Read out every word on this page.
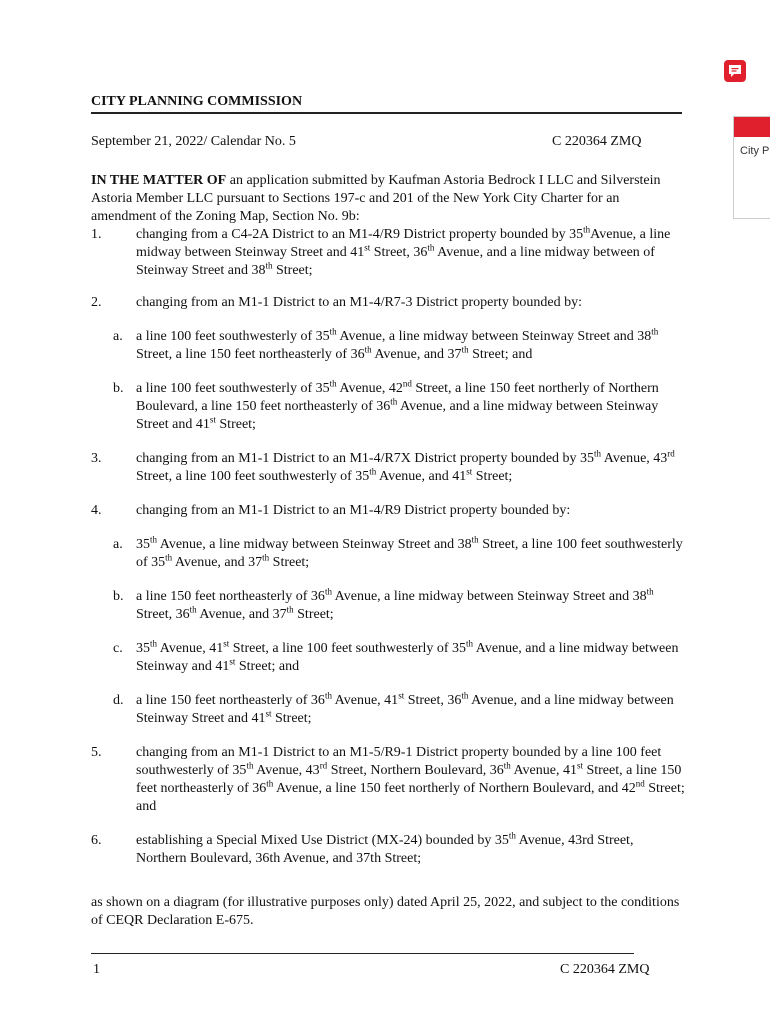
CITY PLANNING COMMISSION
September 21, 2022/ Calendar No. 5	C 220364 ZMQ

IN THE MATTER OF an application submitted by Kaufman Astoria Bedrock I LLC and Silverstein Astoria Member LLC pursuant to Sections 197-c and 201 of the New York City Charter for an amendment of the Zoning Map, Section No. 9b:

1. changing from a C4-2A District to an M1-4/R9 District property bounded by 35thAvenue, a line midway between Steinway Street and 41st Street, 36th Avenue, and a line midway between of Steinway Street and 38th Street;
2. changing from an M1-1 District to an M1-4/R7-3 District property bounded by:
a. a line 100 feet southwesterly of 35th Avenue, a line midway between Steinway Street and 38th Street, a line 150 feet northeasterly of 36th Avenue, and 37th Street; and
b. a line 100 feet southwesterly of 35th Avenue, 42nd Street, a line 150 feet northerly of Northern Boulevard, a line 150 feet northeasterly of 36th Avenue, and a line midway between Steinway Street and 41st Street;
3. changing from an M1-1 District to an M1-4/R7X District property bounded by 35th Avenue, 43rd Street, a line 100 feet southwesterly of 35th Avenue, and 41st Street;
4. changing from an M1-1 District to an M1-4/R9 District property bounded by:
a. 35th Avenue, a line midway between Steinway Street and 38th Street, a line 100 feet southwesterly of 35th Avenue, and 37th Street;
b. a line 150 feet northeasterly of 36th Avenue, a line midway between Steinway Street and 38th Street, 36th Avenue, and 37th Street;
c. 35th Avenue, 41st Street, a line 100 feet southwesterly of 35th Avenue, and a line midway between Steinway and 41st Street; and
d. a line 150 feet northeasterly of 36th Avenue, 41st Street, 36th Avenue, and a line midway between Steinway Street and 41st Street;
5. changing from an M1-1 District to an M1-5/R9-1 District property bounded by a line 100 feet southwesterly of 35th Avenue, 43rd Street, Northern Boulevard, 36th Avenue, 41st Street, a line 150 feet northeasterly of 36th Avenue, a line 150 feet northerly of Northern Boulevard, and 42nd Street; and
6. establishing a Special Mixed Use District (MX-24) bounded by 35th Avenue, 43rd Street, Northern Boulevard, 36th Avenue, and 37th Street;

as shown on a diagram (for illustrative purposes only) dated April 25, 2022, and subject to the conditions of CEQR Declaration E-675.

1	C 220364 ZMQ
City P
